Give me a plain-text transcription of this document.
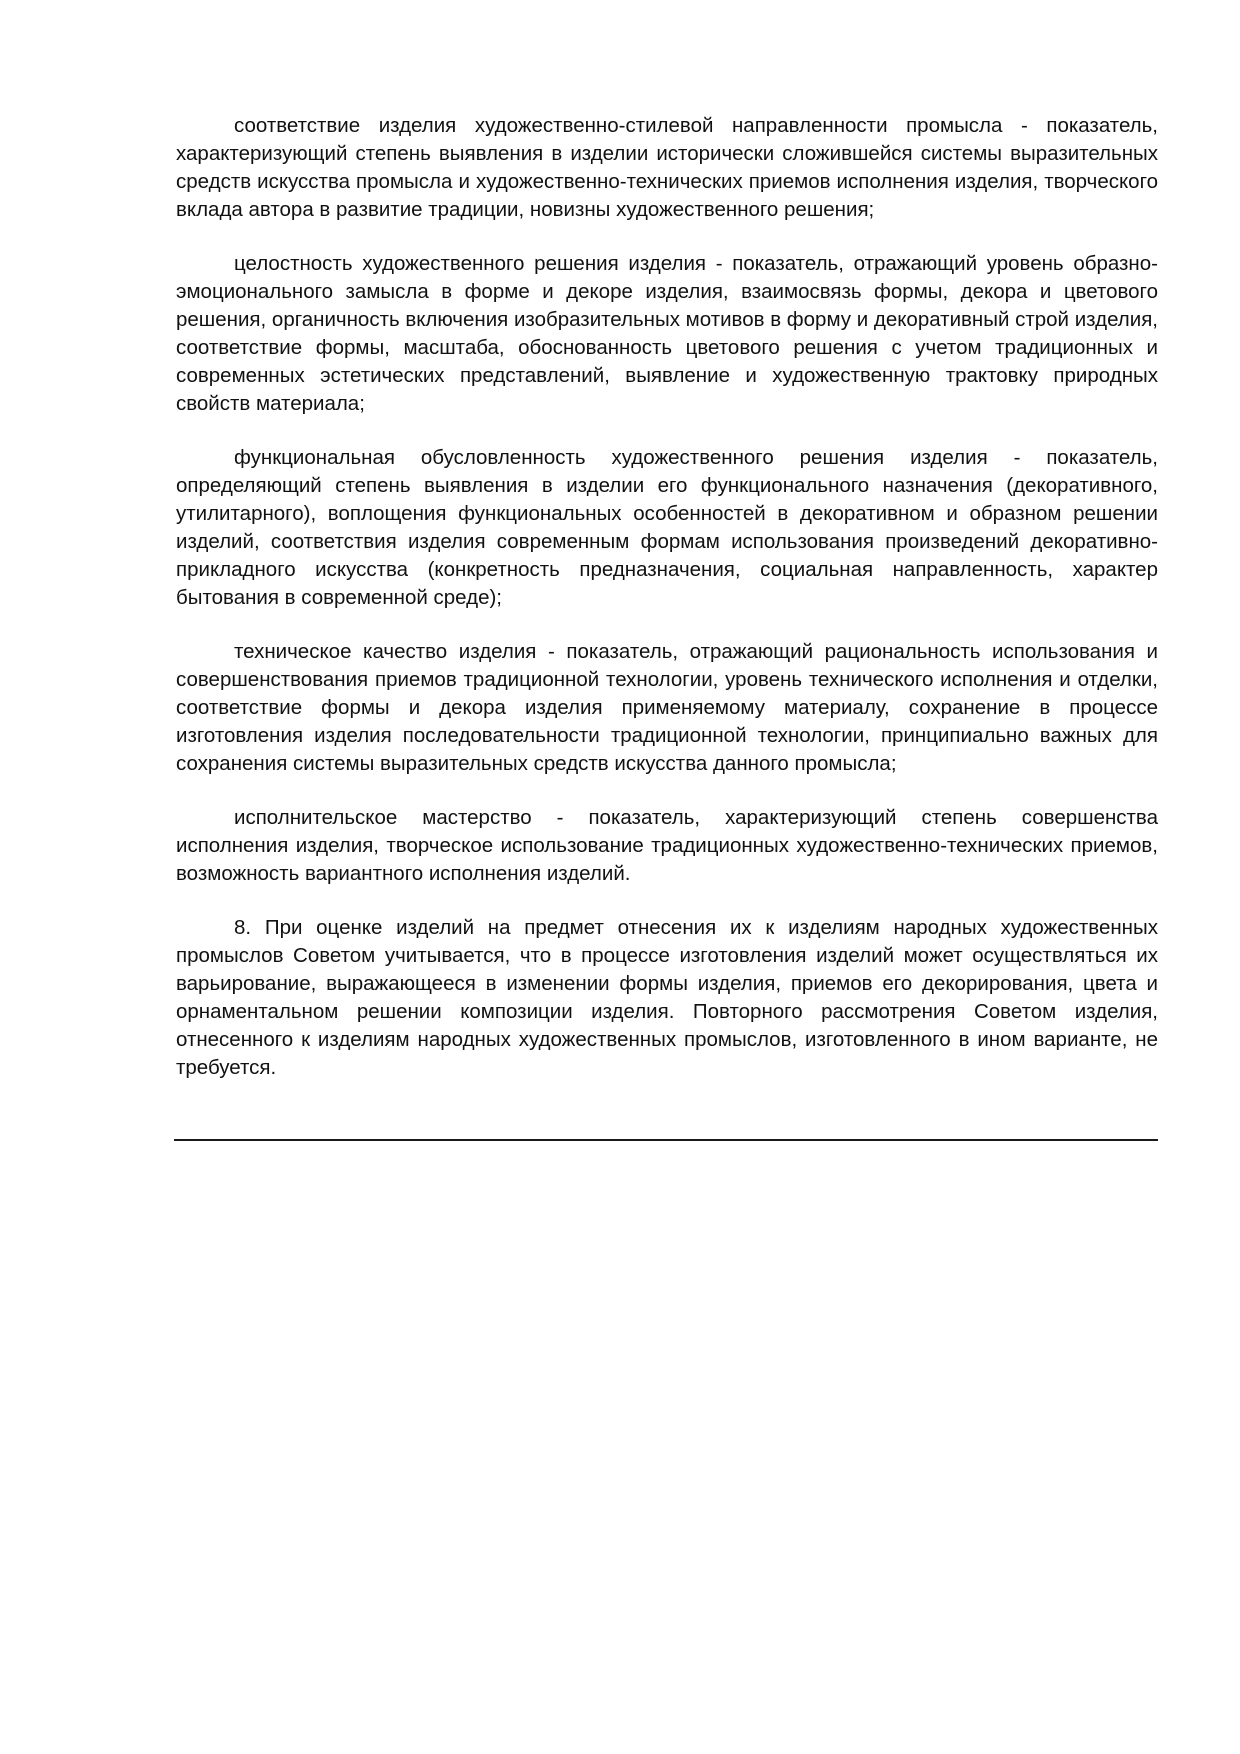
соответствие изделия художественно-стилевой направленности промысла - показатель, характеризующий степень выявления в изделии исторически сложившейся системы выразительных средств искусства промысла и художественно-технических приемов исполнения изделия, творческого вклада автора в развитие традиции, новизны художественного решения;

целостность художественного решения изделия - показатель, отражающий уровень образно-эмоционального замысла в форме и декоре изделия, взаимосвязь формы, декора и цветового решения, органичность включения изобразительных мотивов в форму и декоративный строй изделия, соответствие формы, масштаба, обоснованность цветового решения с учетом традиционных и современных эстетических представлений, выявление и художественную трактовку природных свойств материала;

функциональная обусловленность художественного решения изделия - показатель, определяющий степень выявления в изделии его функционального назначения (декоративного, утилитарного), воплощения функциональных особенностей в декоративном и образном решении изделий, соответствия изделия современным формам использования произведений декоративно-прикладного искусства (конкретность предназначения, социальная направленность, характер бытования в современной среде);

техническое качество изделия - показатель, отражающий рациональность использования и совершенствования приемов традиционной технологии, уровень технического исполнения и отделки, соответствие формы и декора изделия применяемому материалу, сохранение в процессе изготовления изделия последовательности традиционной технологии, принципиально важных для сохранения системы выразительных средств искусства данного промысла;

исполнительское мастерство - показатель, характеризующий степень совершенства исполнения изделия, творческое использование традиционных художественно-технических приемов, возможность вариантного исполнения изделий.

8. При оценке изделий на предмет отнесения их к изделиям народных художественных промыслов Советом учитывается, что в процессе изготовления изделий может осуществляться их варьирование, выражающееся в изменении формы изделия, приемов его декорирования, цвета и орнаментальном решении композиции изделия. Повторного рассмотрения Советом изделия, отнесенного к изделиям народных художественных промыслов, изготовленного в ином варианте, не требуется.
